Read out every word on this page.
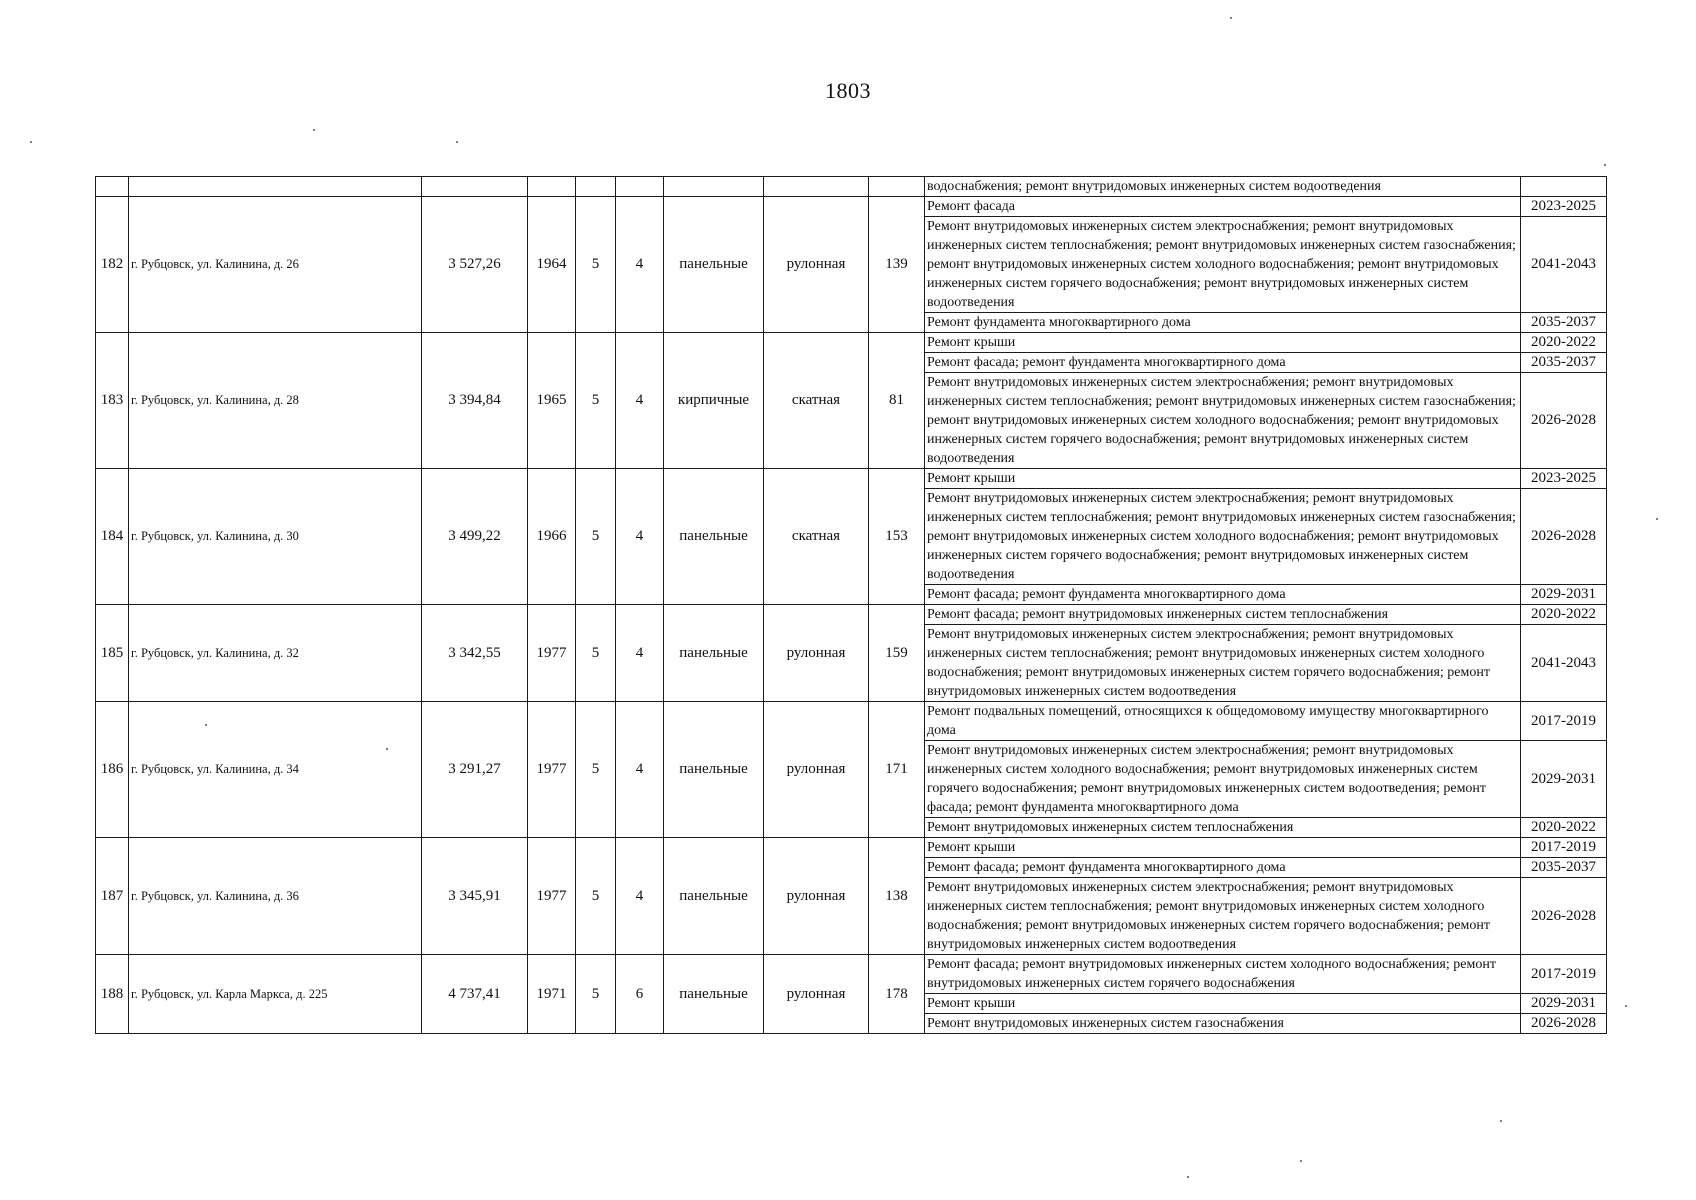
1803
									водоснабжения; ремонт внутридомовых инженерных систем водоотведения	
182	г. Рубцовск, ул. Калинина, д. 26	3 527,26	1964	5	4	панельные	рулонная	139	Ремонт фасада	2023-2025
									Ремонт внутридомовых инженерных систем электроснабжения; ремонт внутридомовых инженерных систем теплоснабжения; ремонт внутридомовых инженерных систем газоснабжения; ремонт внутридомовых инженерных систем холодного водоснабжения; ремонт внутридомовых инженерных систем горячего водоснабжения; ремонт внутридомовых инженерных систем водоотведения	2041-2043
									Ремонт фундамента многоквартирного дома	2035-2037
183	г. Рубцовск, ул. Калинина, д. 28	3 394,84	1965	5	4	кирпичные	скатная	81	Ремонт крыши	2020-2022
									Ремонт фасада; ремонт фундамента многоквартирного дома	2035-2037
									Ремонт внутридомовых инженерных систем электроснабжения; ремонт внутридомовых инженерных систем теплоснабжения; ремонт внутридомовых инженерных систем газоснабжения; ремонт внутридомовых инженерных систем холодного водоснабжения; ремонт внутридомовых инженерных систем горячего водоснабжения; ремонт внутридомовых инженерных систем водоотведения	2026-2028
184	г. Рубцовск, ул. Калинина, д. 30	3 499,22	1966	5	4	панельные	скатная	153	Ремонт крыши	2023-2025
									Ремонт внутридомовых инженерных систем электроснабжения; ремонт внутридомовых инженерных систем теплоснабжения; ремонт внутридомовых инженерных систем газоснабжения; ремонт внутридомовых инженерных систем холодного водоснабжения; ремонт внутридомовых инженерных систем горячего водоснабжения; ремонт внутридомовых инженерных систем водоотведения	2026-2028
									Ремонт фасада; ремонт фундамента многоквартирного дома	2029-2031
185	г. Рубцовск, ул. Калинина, д. 32	3 342,55	1977	5	4	панельные	рулонная	159	Ремонт фасада; ремонт внутридомовых инженерных систем теплоснабжения	2020-2022
									Ремонт внутридомовых инженерных систем электроснабжения; ремонт внутридомовых инженерных систем теплоснабжения; ремонт внутридомовых инженерных систем холодного водоснабжения; ремонт внутридомовых инженерных систем горячего водоснабжения; ремонт внутридомовых инженерных систем водоотведения	2041-2043
186	г. Рубцовск, ул. Калинина, д. 34	3 291,27	1977	5	4	панельные	рулонная	171	Ремонт подвальных помещений, относящихся к общедомовому имуществу многоквартирного дома	2017-2019
									Ремонт внутридомовых инженерных систем электроснабжения; ремонт внутридомовых инженерных систем холодного водоснабжения; ремонт внутридомовых инженерных систем горячего водоснабжения; ремонт внутридомовых инженерных систем водоотведения; ремонт фасада; ремонт фундамента многоквартирного дома	2029-2031
									Ремонт внутридомовых инженерных систем теплоснабжения	2020-2022
187	г. Рубцовск, ул. Калинина, д. 36	3 345,91	1977	5	4	панельные	рулонная	138	Ремонт крыши	2017-2019
									Ремонт фасада; ремонт фундамента многоквартирного дома	2035-2037
									Ремонт внутридомовых инженерных систем электроснабжения; ремонт внутридомовых инженерных систем теплоснабжения; ремонт внутридомовых инженерных систем холодного водоснабжения; ремонт внутридомовых инженерных систем горячего водоснабжения; ремонт внутридомовых инженерных систем водоотведения	2026-2028
188	г. Рубцовск, ул. Карла Маркса, д. 225	4 737,41	1971	5	6	панельные	рулонная	178	Ремонт фасада; ремонт внутридомовых инженерных систем холодного водоснабжения; ремонт внутридомовых инженерных систем горячего водоснабжения	2017-2019
									Ремонт крыши	2029-2031
									Ремонт внутридомовых инженерных систем газоснабжения	2026-2028
